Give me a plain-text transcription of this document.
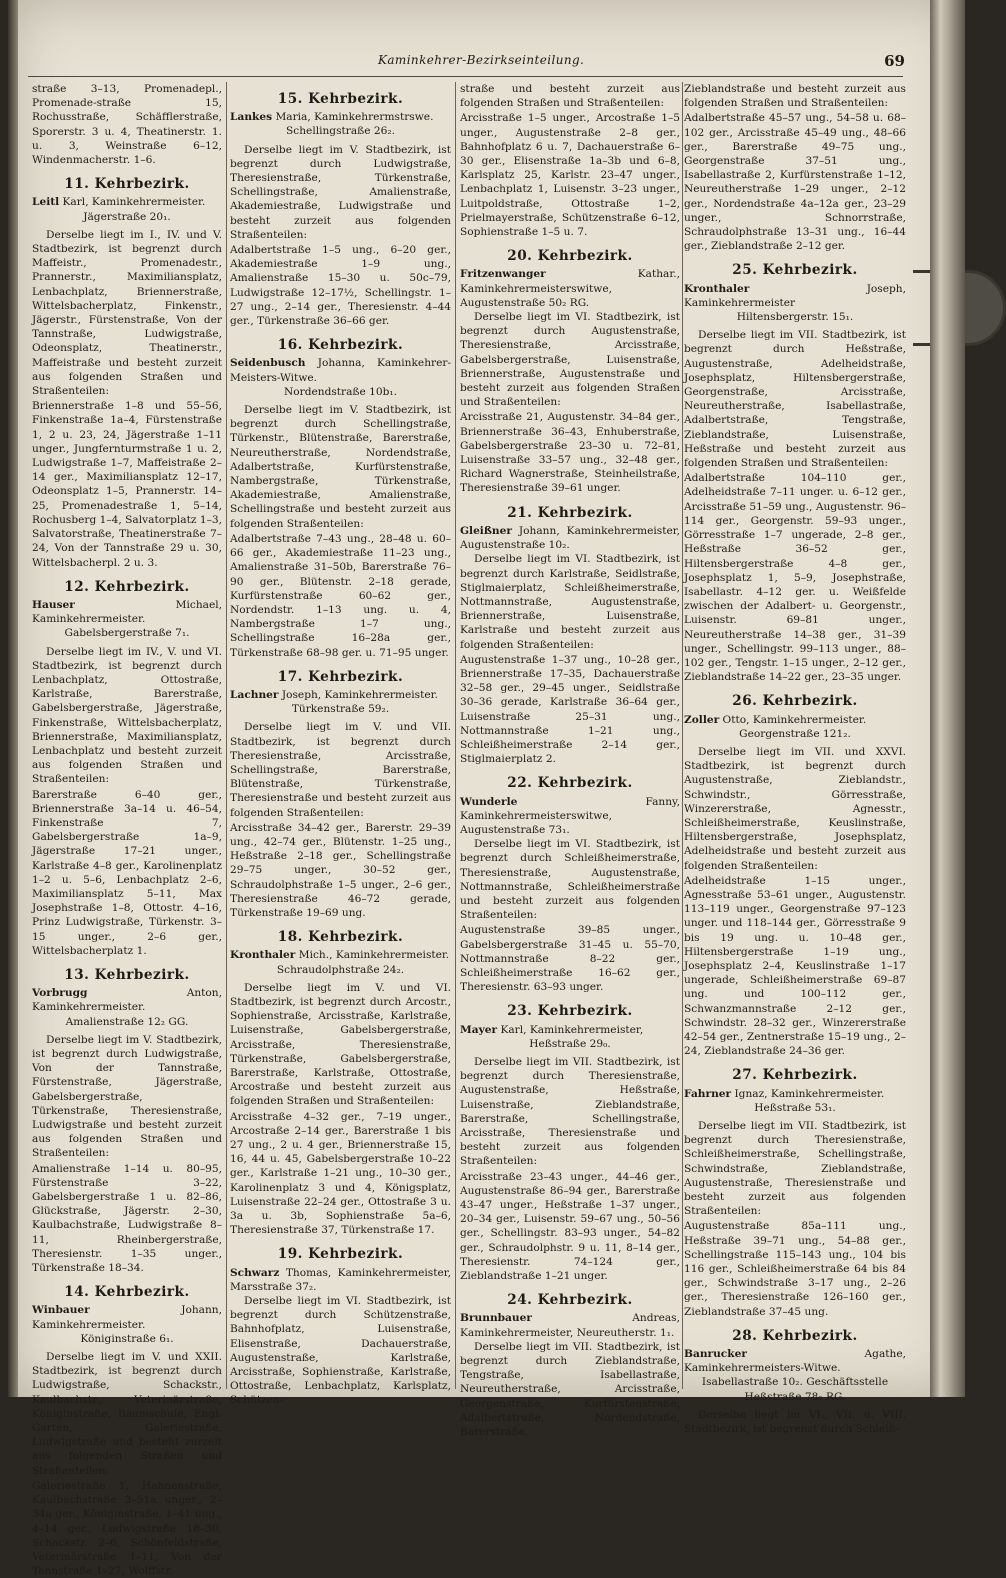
Kaminkehrer-Bezirkseinteilung.	69

straße 3–13, Promenadepl., Promenade-straße 15, Rochusstraße, Schäfflerstraße, Sporerstr. 3 u. 4, Theatinerstr. 1. u. 3, Weinstraße 6–12, Windenmacherstr. 1–6.

11. Kehrbezirk.

Leitl Karl, Kaminkehrermeister.

Jägerstraße 20₁.

Derselbe liegt im I., IV. und V. Stadtbezirk, ist begrenzt durch Maffeistr., Promenadestr., Prannerstr., Maximiliansplatz, Lenbachplatz, Briennerstraße, Wittelsbacherplatz, Finkenstr., Jägerstr., Fürstenstraße, Von der Tannstraße, Ludwigstraße, Odeonsplatz, Theatinerstr., Maffeistraße und besteht zurzeit aus folgenden Straßen und Straßenteilen:

Briennerstraße 1–8 und 55–56, Finkenstraße 1a–4, Fürstenstraße 1, 2 u. 23, 24, Jägerstraße 1–11 unger., Jungfernturmstraße 1 u. 2, Ludwigstraße 1–7, Maffeistraße 2–14 ger., Maximiliansplatz 12–17, Odeonsplatz 1–5, Prannerstr. 14–25, Promenadestraße 1, 5–14, Rochusberg 1–4, Salvatorplatz 1–3, Salvatorstraße, Theatinerstraße 7–24, Von der Tannstraße 29 u. 30, Wittelsbacherpl. 2 u. 3.

12. Kehrbezirk.

Hauser	Michael, Kaminkehrermeister.

Gabelsbergerstraße 7₁.

Derselbe liegt im IV., V. und VI. Stadtbezirk, ist begrenzt durch Lenbachplatz, Ottostraße, Karlstraße, Barerstraße, Gabelsbergerstraße, Jägerstraße, Finkenstraße, Wittelsbacherplatz, Briennerstraße, Maximiliansplatz, Lenbachplatz und besteht zurzeit aus folgenden Straßen und Straßenteilen:

Barerstraße 6–40 ger., Briennerstraße 3a–14 u. 46–54, Finkenstraße 7, Gabelsbergerstraße 1a–9, Jägerstraße 17–21 unger., Karlstraße 4–8 ger., Karolinenplatz 1–2 u. 5–6, Lenbachplatz 2–6, Maximiliansplatz 5–11, Max Josephstraße 1–8, Ottostr. 4–16, Prinz Ludwigstraße, Türkenstr. 3–15 unger., 2–6 ger., Wittelsbacherplatz 1.

13. Kehrbezirk.

Vorbrugg	Anton, Kaminkehrermeister.

Amalienstraße 12₂ GG.

Derselbe liegt im V. Stadtbezirk, ist begrenzt durch Ludwigstraße, Von der Tannstraße, Fürstenstraße, Jägerstraße, Gabelsbergerstraße, Türkenstraße, Theresienstraße, Ludwigstraße und besteht zurzeit aus folgenden Straßen und Straßenteilen:

Amalienstraße 1–14 u. 80–95, Fürstenstraße 3–22, Gabelsbergerstraße 1 u. 82–86, Glückstraße, Jägerstr. 2–30, Kaulbachstraße, Ludwigstraße 8–11, Rheinbergerstraße, Theresienstr. 1–35 unger., Türkenstraße 18–34.

14. Kehrbezirk.

Winbauer	Johann, Kaminkehrermeister.

Königinstraße 6₁.

Derselbe liegt im V. und XXII. Stadtbezirk, ist begrenzt durch Ludwigstraße, Schackstr., Kaulbachstr., Veterinärstraße, Königinstraße, Baumschule, Engl. Garten, Galeriestraße, Ludwigstraße und besteht zurzeit aus folgenden Straßen und Straßenteilen:

Galeriestraße 1, Hahnenstraße, Kaulbachstraße 3–51a unger., 2–34a ger., Königinstraße, 1–41 ung., 4–14 ger., Ludwigstraße 18–30, Schackstr. 2–6, Schönfeldstraße, Veterinärstraße 1–11, Von der Tannstraße 1–27, Wolffstr.

15. Kehrbezirk.

Lankes Maria, Kaminkehrermstrswe.

Schellingstraße 26₂.

Derselbe liegt im V. Stadtbezirk, ist begrenzt durch Ludwigstraße, Theresienstraße, Türkenstraße, Schellingstraße, Amalienstraße, Akademiestraße, Ludwigstraße und besteht zurzeit aus folgenden Straßenteilen:

Adalbertstraße 1–5 ung., 6–20 ger., Akademiestraße 1–9 ung., Amalienstraße 15–30 u. 50c–79, Ludwigstraße 12–17½, Schellingstr. 1–27 ung., 2–14 ger., Theresienstr. 4–44 ger., Türkenstraße 36–66 ger.

16. Kehrbezirk.

Seidenbusch Johanna, Kaminkehrer-Meisters-Witwe.

Nordendstraße 10b₁.

Derselbe liegt im V. Stadtbezirk, ist begrenzt durch Schellingstraße, Türkenstr., Blütenstraße, Barerstraße, Neureutherstraße, Nordendstraße, Adalbertstraße, Kurfürstenstraße, Nambergstraße, Türkenstraße, Akademiestraße, Amalienstraße, Schellingstraße und besteht zurzeit aus folgenden Straßenteilen:

Adalbertstraße 7–43 ung., 28–48 u. 60–66 ger., Akademiestraße 11–23 ung., Amalienstraße 31–50b, Barerstraße 76–90 ger., Blütenstr. 2–18 gerade, Kurfürstenstraße 60–62 ger., Nordendstr. 1–13 ung. u. 4, Nambergstraße 1–7 ung., Schellingstraße 16–28a ger., Türkenstraße 68–98 ger. u. 71–95 unger.

17. Kehrbezirk.

Lachner Joseph, Kaminkehrermeister.

Türkenstraße 59₂.

Derselbe liegt im V. und VII. Stadtbezirk, ist begrenzt durch Theresienstraße, Arcisstraße, Schellingstraße, Barerstraße, Blütenstraße, Türkenstraße, Theresienstraße und besteht zurzeit aus folgenden Straßenteilen:

Arcisstraße 34–42 ger., Barerstr. 29–39 ung., 42–74 ger., Blütenstr. 1–25 ung., Heßstraße 2–18 ger., Schellingstraße 29–75 unger., 30–52 ger., Schraudolphstraße 1–5 unger., 2–6 ger., Theresienstraße 46–72 gerade, Türkenstraße 19–69 ung.

18. Kehrbezirk.

Kronthaler Mich., Kaminkehrermeister.

Schraudolphstraße 24₂.

Derselbe liegt im V. und VI. Stadtbezirk, ist begrenzt durch Arcostr., Sophienstraße, Arcisstraße, Karlstraße, Luisenstraße, Gabelsbergerstraße, Arcisstraße, Theresienstraße, Türkenstraße, Gabelsbergerstraße, Barerstraße, Karlstraße, Ottostraße, Arcostraße und besteht zurzeit aus folgenden Straßen und Straßenteilen:

Arcisstraße 4–32 ger., 7–19 unger., Arcostraße 2–14 ger., Barerstraße 1 bis 27 ung., 2 u. 4 ger., Briennerstraße 15, 16, 44 u. 45, Gabelsbergerstraße 10–22 ger., Karlstraße 1–21 ung., 10–30 ger., Karolinenplatz 3 und 4, Königsplatz, Luisenstraße 22–24 ger., Ottostraße 3 u. 3a u. 3b, Sophienstraße 5a–6, Theresienstraße 37, Türkenstraße 17.

19. Kehrbezirk.

Schwarz Thomas, Kaminkehrermeister, Marsstraße 37₂.

Derselbe liegt im VI. Stadtbezirk, ist begrenzt durch Schützenstraße, Bahnhofplatz, Luisenstraße, Elisenstraße, Dachauerstraße, Augustenstraße, Karlstraße, Arcisstraße, Sophienstraße, Karlstraße, Ottostraße, Lenbachplatz, Karlsplatz, Schützen-

straße und besteht zurzeit aus folgenden Straßen und Straßenteilen:

Arcisstraße 1–5 unger., Arcostraße 1–5 unger., Augustenstraße 2–8 ger., Bahnhofplatz 6 u. 7, Dachauerstraße 6–30 ger., Elisenstraße 1a–3b und 6–8, Karlsplatz 25, Karlstr. 23–47 unger., Lenbachplatz 1, Luisenstr. 3–23 unger., Luitpoldstraße, Ottostraße 1–2, Prielmayerstraße, Schützenstraße 6–12, Sophienstraße 1–5 u. 7.

20. Kehrbezirk.

Fritzenwanger	Kathar., Kaminkehrermeisterswitwe, Augustenstraße 50₂ RG.

Derselbe liegt im VI. Stadtbezirk, ist begrenzt durch Augustenstraße, Theresienstraße, Arcisstraße, Gabelsbergerstraße, Luisenstraße, Briennerstraße, Augustenstraße und besteht zurzeit aus folgenden Straßen und Straßenteilen:

Arcisstraße 21, Augustenstr. 34–84 ger., Briennerstraße 36–43, Enhuberstraße, Gabelsbergerstraße 23–30 u. 72–81, Luisenstraße 33–57 ung., 32–48 ger., Richard Wagnerstraße, Steinheilstraße, Theresienstraße 39–61 unger.

21. Kehrbezirk.

Gleißner Johann, Kaminkehrermeister, Augustenstraße 10₂.

Derselbe liegt im VI. Stadtbezirk, ist begrenzt durch Karlstraße, Seidlstraße, Stiglmaierplatz, Schleißheimerstraße, Nottmannstraße, Augustenstraße, Briennerstraße, Luisenstraße, Karlstraße und besteht zurzeit aus folgenden Straßenteilen:

Augustenstraße 1–37 ung., 10–28 ger., Briennerstraße 17–35, Dachauerstraße 32–58 ger., 29–45 unger., Seidlstraße 30–36 gerade, Karlstraße 36–64 ger., Luisenstraße 25–31 ung., Nottmannstraße 1–21 ung., Schleißheimerstraße 2–14 ger., Stiglmaierplatz 2.

22. Kehrbezirk.

Wunderle	Fanny, Kaminkehrermeisterswitwe, Augustenstraße 73₁.

Derselbe liegt im VI. Stadtbezirk, ist begrenzt durch Schleißheimerstraße, Theresienstraße, Augustenstraße, Nottmannstraße, Schleißheimerstraße und besteht zurzeit aus folgenden Straßenteilen:

Augustenstraße 39–85 unger., Gabelsbergerstraße 31–45 u. 55–70, Nottmannstraße 8–22 ger., Schleißheimerstraße 16–62 ger., Theresienstr. 63–93 unger.

23. Kehrbezirk.

Mayer Karl, Kaminkehrermeister,

Heßstraße 29₀.

Derselbe liegt im VII. Stadtbezirk, ist begrenzt durch Theresienstraße, Augustenstraße, Heßstraße, Luisenstraße, Zieblandstraße, Barerstraße, Schellingstraße, Arcisstraße, Theresienstraße und besteht zurzeit aus folgenden Straßenteilen:

Arcisstraße 23–43 unger., 44–46 ger., Augustenstraße 86–94 ger., Barerstraße 43–47 unger., Heßstraße 1–37 unger., 20–34 ger., Luisenstr. 59–67 ung., 50–56 ger., Schellingstr. 83–93 unger., 54–82 ger., Schraudolphstr. 9 u. 11, 8–14 ger., Theresienstr. 74–124 ger., Zieblandstraße 1–21 unger.

24. Kehrbezirk.

Brunnbauer	Andreas, Kaminkehrermeister, Neureutherstr. 1₁.

Derselbe liegt im VII. Stadtbezirk, ist begrenzt durch Zieblandstraße, Tengstraße, Isabellastraße, Neureutherstraße, Arcisstraße, Georgenstraße, Kurfürstenstraße, Adalbertstraße, Nordendstraße, Barerstraße,

Zieblandstraße und besteht zurzeit aus folgenden Straßen und Straßenteilen:

Adalbertstraße 45–57 ung., 54–58 u. 68–102 ger., Arcisstraße 45–49 ung., 48–66 ger., Barerstraße 49–75 ung., Georgenstraße 37–51 ung., Isabellastraße 2, Kurfürstenstraße 1–12, Neureutherstraße 1–29 unger., 2–12 ger., Nordendstraße 4a–12a ger., 23–29 unger., Schnorrstraße, Schraudolphstraße 13–31 ung., 16–44 ger., Zieblandstraße 2–12 ger.

25. Kehrbezirk.

Kronthaler	Joseph, Kaminkehrermeister

Hiltensbergerstr. 15₁.

Derselbe liegt im VII. Stadtbezirk, ist begrenzt durch Heßstraße, Augustenstraße, Adelheidstraße, Josephsplatz, Hiltensbergerstraße, Georgenstraße, Arcisstraße, Neureutherstraße, Isabellastraße, Adalbertstraße, Tengstraße, Zieblandstraße, Luisenstraße, Heßstraße und besteht zurzeit aus folgenden Straßen und Straßenteilen:

Adalbertstraße 104–110 ger., Adelheidstraße 7–11 unger. u. 6–12 ger., Arcisstraße 51–59 ung., Augustenstr. 96–114 ger., Georgenstr. 59–93 unger., Görresstraße 1–7 ungerade, 2–8 ger., Heßstraße 36–52 ger., Hiltensbergerstraße 4–8 ger., Josephsplatz 1, 5–9, Josephstraße, Isabellastr. 4–12 ger. u. Weißfelde zwischen der Adalbert- u. Georgenstr., Luisenstr. 69–81 unger., Neureutherstraße 14–38 ger., 31–39 unger., Schellingstr. 99–113 unger., 88–102 ger., Tengstr. 1–15 unger., 2–12 ger., Zieblandstraße 14–22 ger., 23–35 unger.

26. Kehrbezirk.

Zoller Otto, Kaminkehrermeister.

Georgenstraße 121₂.

Derselbe liegt im VII. und XXVI. Stadtbezirk, ist begrenzt durch Augustenstraße, Zieblandstr., Schwindstr., Görresstraße, Winzererstraße, Agnesstr., Schleißheimerstraße, Keuslinstraße, Hiltensbergerstraße, Josephsplatz, Adelheidstraße und besteht zurzeit aus folgenden Straßenteilen:

Adelheidstraße 1–15 unger., Agnesstraße 53–61 unger., Augustenstr. 113–119 unger., Georgenstraße 97–123 unger. und 118–144 ger., Görresstraße 9 bis 19 ung. u. 10–48 ger., Hiltensbergerstraße 1–19 ung., Josephsplatz 2–4, Keuslinstraße 1–17 ungerade, Schleißheimerstraße 69–87 ung. und 100–112 ger., Schwanzmannstraße 2–12 ger., Schwindstr. 28–32 ger., Winzererstraße 42–54 ger., Zentnerstraße 15–19 ung., 2–24, Zieblandstraße 24–36 ger.

27. Kehrbezirk.

Fahrner Ignaz, Kaminkehrermeister.

Heßstraße 53₁.

Derselbe liegt im VII. Stadtbezirk, ist begrenzt durch Theresienstraße, Schleißheimerstraße, Schellingstraße, Schwindstraße, Zieblandstraße, Augustenstraße, Theresienstraße und besteht zurzeit aus folgenden Straßenteilen:

Augustenstraße 85a–111 ung., Heßstraße 39–71 ung., 54–88 ger., Schellingstraße 115–143 ung., 104 bis 116 ger., Schleißheimerstraße 64 bis 84 ger., Schwindstraße 3–17 ung., 2–26 ger., Theresienstraße 126–160 ger., Zieblandstraße 37–45 ung.

28. Kehrbezirk.

Banrucker	Agathe, Kaminkehrermeisters-Witwe.

Isabellastraße 10₂. Geschäftsstelle Heßstraße 78₂ RG.

Derselbe liegt im VI., VII. u. VIII. Stadtbezirk, ist begrenzt durch Schleiß-
